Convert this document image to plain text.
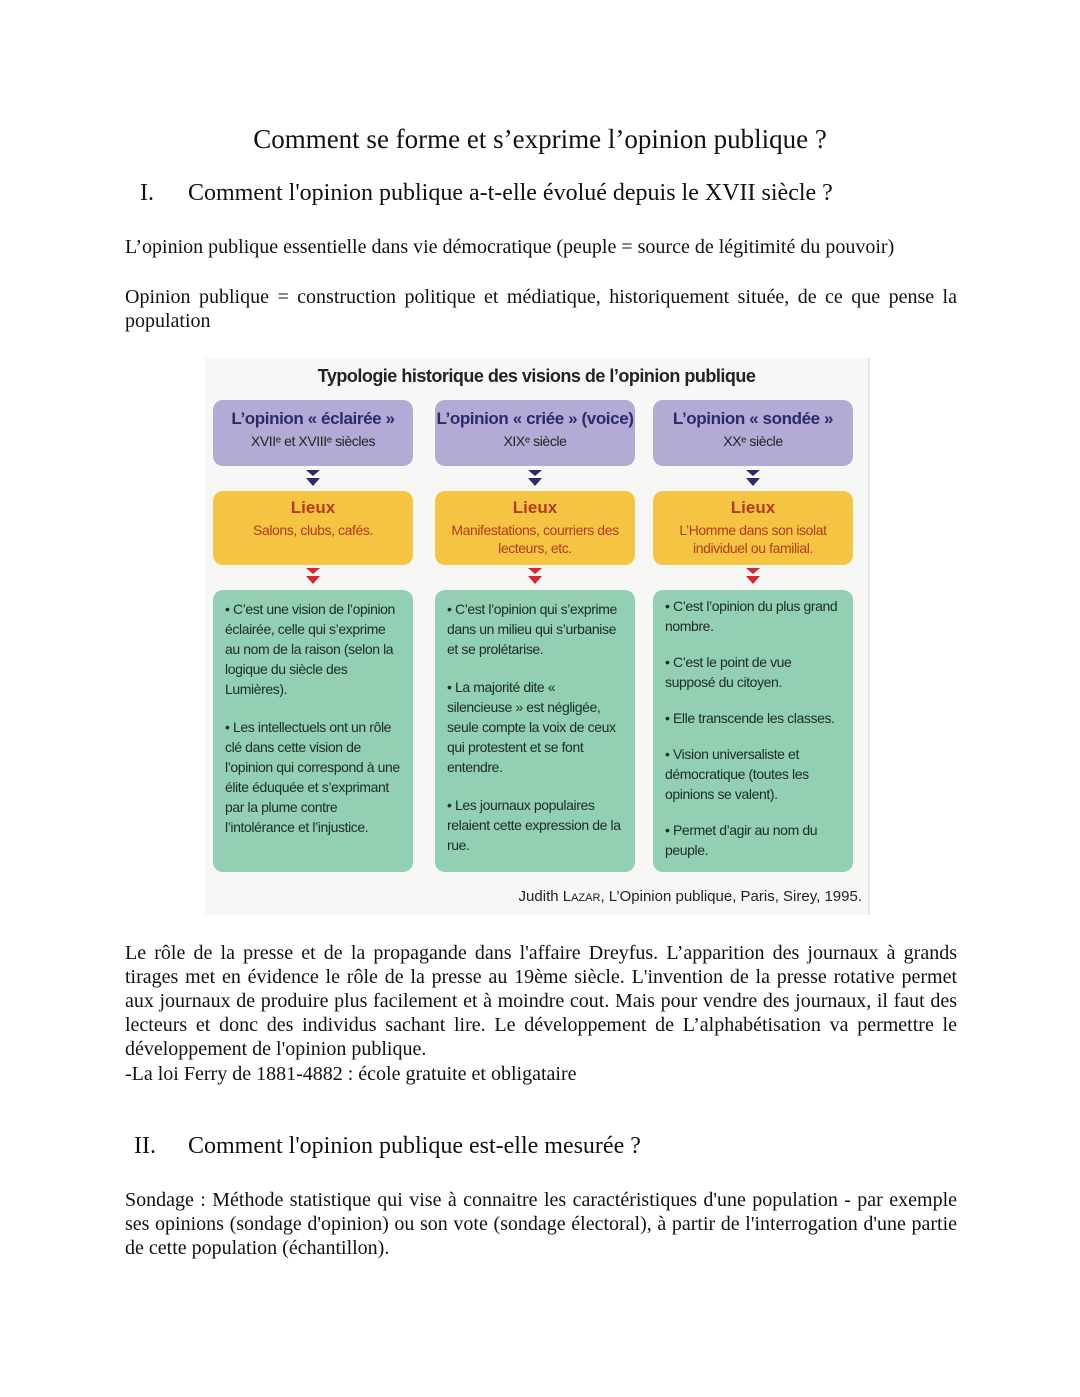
Comment se forme et s’exprime l’opinion publique ?
I. Comment l'opinion publique a-t-elle évolué depuis le XVII siècle ?
L’opinion publique essentielle dans vie démocratique (peuple = source de légitimité du pouvoir)
Opinion publique = construction politique et médiatique, historiquement située, de ce que pense la population
Typologie historique des visions de l’opinion publique
L’opinion « éclairée »
XVIIᵉ et XVIIIᵉ siècles
Lieux
Salons, clubs, cafés.

• C’est une vision de l’opinion éclairée, celle qui s’exprime au nom de la raison (selon la logique du siècle des Lumières).

• Les intellectuels ont un rôle clé dans cette vision de l’opinion qui correspond à une élite éduquée et s’exprimant par la plume contre l’intolérance et l’injustice.

L’opinion « criée » (voice)
XIXᵉ siècle
Lieux
Manifestations, courriers des lecteurs, etc.

• C’est l’opinion qui s’exprime dans un milieu qui s’urbanise et se prolétarise.

• La majorité dite « silencieuse » est négligée, seule compte la voix de ceux qui protestent et se font entendre.

• Les journaux populaires relaient cette expression de la rue.

L’opinion « sondée »
XXᵉ siècle
Lieux
L’Homme dans son isolat individuel ou familial.

• C’est l’opinion du plus grand nombre.

• C’est le point de vue supposé du citoyen.

• Elle transcende les classes.

• Vision universaliste et démocratique (toutes les opinions se valent).

• Permet d’agir au nom du peuple.

Judith Lazar, L’Opinion publique, Paris, Sirey, 1995.
Le rôle de la presse et de la propagande dans l'affaire Dreyfus. L’apparition des journaux à grands tirages met en évidence le rôle de la presse au 19ème siècle. L'invention de la presse rotative permet aux journaux de produire plus facilement et à moindre cout. Mais pour vendre des journaux, il faut des lecteurs et donc des individus sachant lire. Le développement de L’alphabétisation va permettre le développement de l'opinion publique.
-La loi Ferry de 1881-4882 : école gratuite et obligataire
II. Comment l'opinion publique est-elle mesurée ?
Sondage : Méthode statistique qui vise à connaitre les caractéristiques d'une population - par exemple ses opinions (sondage d'opinion) ou son vote (sondage électoral), à partir de l'interrogation d'une partie de cette population (échantillon).
